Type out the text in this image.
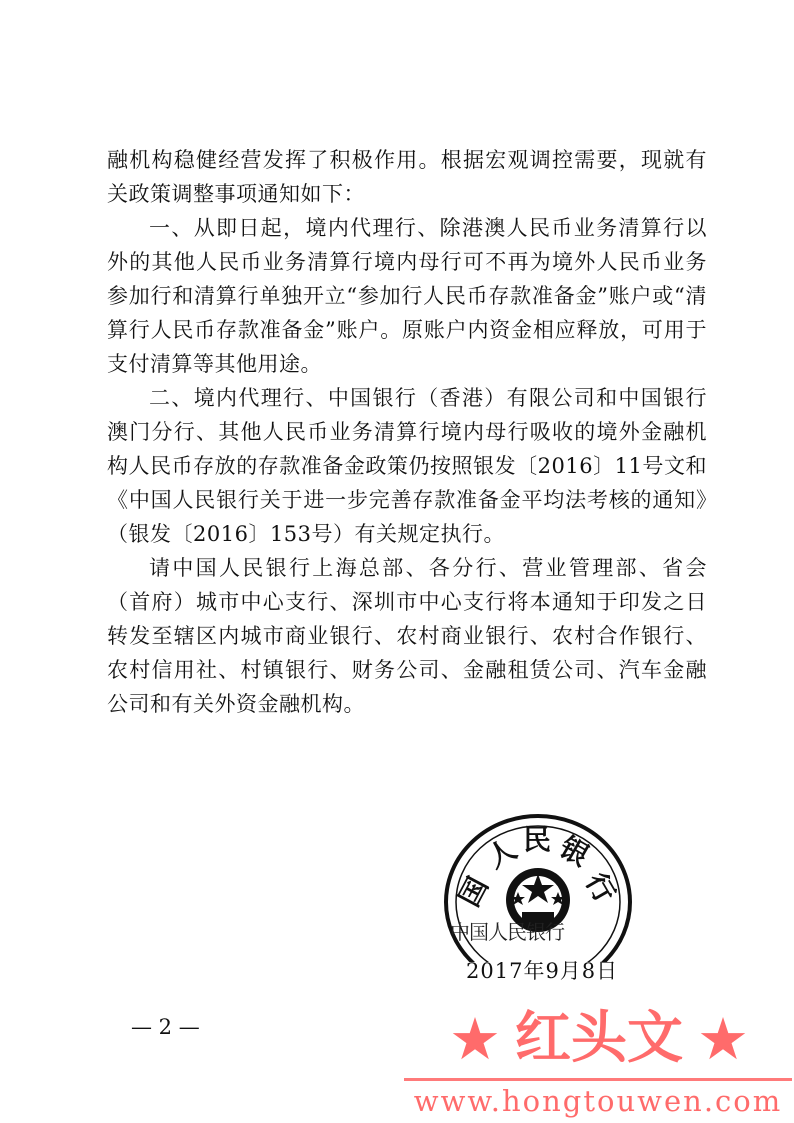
融机构稳健经营发挥了积极作用。根据宏观调控需要，现就有关政策调整事项通知如下：

一、从即日起，境内代理行、除港澳人民币业务清算行以外的其他人民币业务清算行境内母行可不再为境外人民币业务参加行和清算行单独开立“参加行人民币存款准备金”账户或“清算行人民币存款准备金”账户。原账户内资金相应释放，可用于支付清算等其他用途。

二、境内代理行、中国银行（香港）有限公司和中国银行澳门分行、其他人民币业务清算行境内母行吸收的境外金融机构人民币存放的存款准备金政策仍按照银发〔2016〕11号文和《中国人民银行关于进一步完善存款准备金平均法考核的通知》（银发〔2016〕153号）有关规定执行。

请中国人民银行上海总部、各分行、营业管理部、省会（首府）城市中心支行、深圳市中心支行将本通知于印发之日转发至辖区内城市商业银行、农村商业银行、农村合作银行、农村信用社、村镇银行、财务公司、金融租赁公司、汽车金融公司和有关外资金融机构。

国
人 民 银
行
中国人民银行
2017年9月8日
— 2 —	★ 红头文 ★
www.hongtouwen.com
